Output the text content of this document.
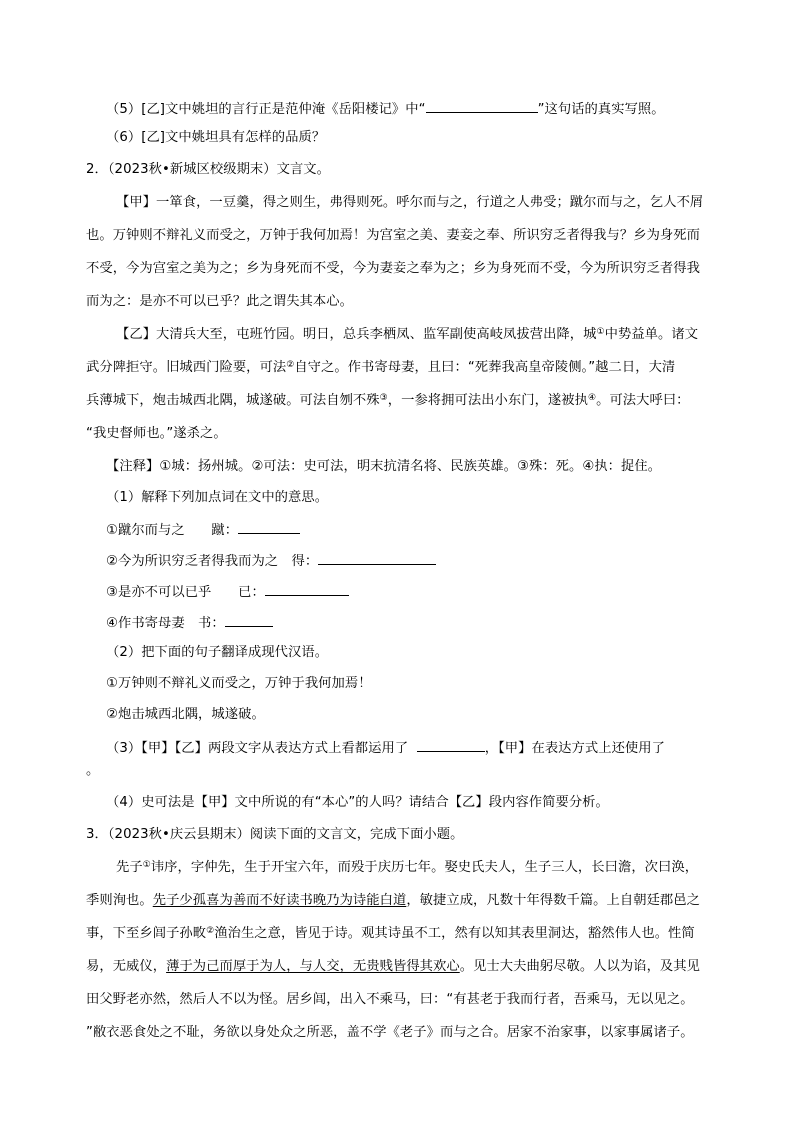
（5）[乙]文中姚坦的言行正是范仲淹《岳阳楼记》中“	”这句话的真实写照。
（6）[乙]文中姚坦具有怎样的品质？
2．（2023秋•新城区校级期末）文言文。
【甲】一箪食，一豆羹，得之则生，弗得则死。呼尔而与之，行道之人弗受；蹴尔而与之，乞人不屑
也。万钟则不辩礼义而受之，万钟于我何加焉！为宫室之美、妻妾之奉、所识穷乏者得我与？乡为身死而
不受，今为宫室之美为之；乡为身死而不受，今为妻妾之奉为之；乡为身死而不受，今为所识穷乏者得我
而为之：是亦不可以已乎？此之谓失其本心。
【乙】大清兵大至，屯班竹园。明日，总兵李栖凤、监军副使高岐凤拔营出降，城①中势益单。诸文
武分陴拒守。旧城西门险要，可法②自守之。作书寄母妻，且曰：“死葬我高皇帝陵侧。”越二日，大清
兵薄城下，炮击城西北隅，城遂破。可法自刎不殊③，一参将拥可法出小东门，遂被执④。可法大呼曰：
“我史督师也。”遂杀之。
【注释】①城：扬州城。②可法：史可法，明末抗清名将、民族英雄。③殊：死。④执：捉住。
（1）解释下列加点词在文中的意思。
①蹴尔而与之　　蹴：
②今为所识穷乏者得我而为之　得：
③是亦不可以已乎　　已：
④作书寄母妻　书：
（2）把下面的句子翻译成现代汉语。
①万钟则不辩礼义而受之，万钟于我何加焉！
②炮击城西北隅，城遂破。
（3）【甲】【乙】两段文字从表达方式上看都运用了	，【甲】在表达方式上还使用了
。
（4）史可法是【甲】文中所说的有“本心”的人吗？请结合【乙】段内容作简要分析。
3．（2023秋•庆云县期末）阅读下面的文言文，完成下面小题。
先子①讳序，字仲先，生于开宝六年，而殁于庆历七年。娶史氏夫人，生子三人，长曰澹，次曰涣，
季则洵也。先子少孤喜为善而不好读书晚乃为诗能白道，敏捷立成，凡数十年得数千篇。上自朝廷郡邑之
事，下至乡闾子孙畋②渔治生之意，皆见于诗。观其诗虽不工，然有以知其表里洞达，豁然伟人也。性简
易，无威仪，薄于为己而厚于为人，与人交，无贵贱皆得其欢心。见士大夫曲躬尽敬。人以为谄，及其见
田父野老亦然，然后人不以为怪。居乡闾，出入不乘马，曰：“有甚老于我而行者，吾乘马，无以见之。
”敝衣恶食处之不耻，务欲以身处众之所恶，盖不学《老子》而与之合。居家不治家事，以家事属诸子。
